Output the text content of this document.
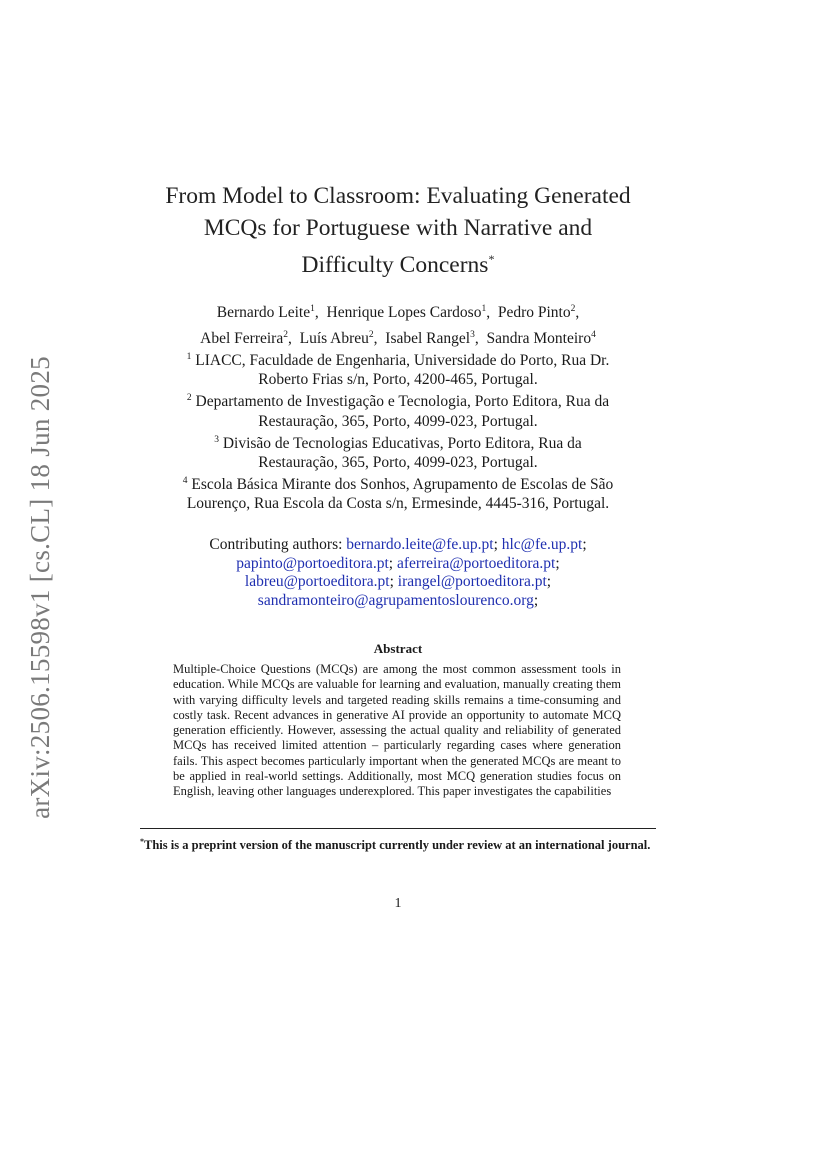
arXiv:2506.15598v1 [cs.CL] 18 Jun 2025
From Model to Classroom: Evaluating Generated
MCQs for Portuguese with Narrative and
Difficulty Concerns*
Bernardo Leite$^1$,  Henrique Lopes Cardoso$^1$,  Pedro Pinto$^2$,
Abel Ferreira$^2$,  Luís Abreu$^2$,  Isabel Rangel$^3$,  Sandra Monteiro$^4$
$^1$ LIACC, Faculdade de Engenharia, Universidade do Porto, Rua Dr.
Roberto Frias s/n, Porto, 4200-465, Portugal.
$^2$ Departamento de Investigação e Tecnologia, Porto Editora, Rua da
Restauração, 365, Porto, 4099-023, Portugal.
$^3$ Divisão de Tecnologias Educativas, Porto Editora, Rua da
Restauração, 365, Porto, 4099-023, Portugal.
$^4$ Escola Básica Mirante dos Sonhos, Agrupamento de Escolas de São
Lourenço, Rua Escola da Costa s/n, Ermesinde, 4445-316, Portugal.
Contributing authors: bernardo.leite@fe.up.pt; hlc@fe.up.pt;
papinto@portoeditora.pt; aferreira@portoeditora.pt;
labreu@portoeditora.pt; irangel@portoeditora.pt;
sandramonteiro@agrupamentoslourenco.org;
Abstract
Multiple-Choice Questions (MCQs) are among the most common assessment tools in education. While MCQs are valuable for learning and evaluation, manually creating them with varying difficulty levels and targeted reading skills remains a time-consuming and costly task. Recent advances in generative AI provide an opportunity to automate MCQ generation efficiently. However, assessing the actual quality and reliability of generated MCQs has received limited attention – particularly regarding cases where generation fails. This aspect becomes particularly important when the generated MCQs are meant to be applied in real-world settings. Additionally, most MCQ generation studies focus on English, leaving other languages underexplored. This paper investigates the capabilities
*This is a preprint version of the manuscript currently under review at an international journal.
1
